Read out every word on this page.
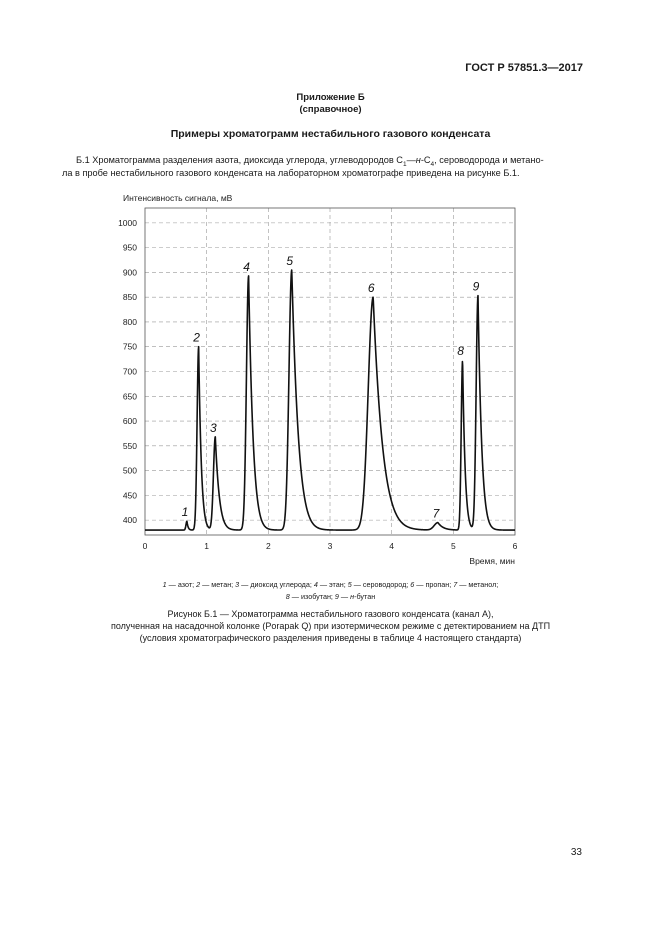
ГОСТ Р 57851.3—2017
Приложение Б
(справочное)
Примеры хроматограмм нестабильного газового конденсата
Б.1 Хроматограмма разделения азота, диоксида углерода, углеводородов $C_1—н-C_4$, сероводорода и метано-
ла в пробе нестабильного газового конденсата на лабораторном хроматографе приведена на рисунке Б.1.
400
450
500
550
600
650
700
750
800
850
900
950
1000
0	1	2	3	4	5	6
1
2
3
4	5
6
7
8
9
Интенсивность сигнала, мВ
Время, мин
1 — азот; 2 — метан; 3 — диоксид углерода; 4 — этан; 5 — сероводород; 6 — пропан; 7 — метанол;
8 — изобутан; 9 — н-бутан
Рисунок Б.1 — Хроматограмма нестабильного газового конденсата (канал А),
полученная на насадочной колонке (Porapak Q) при изотермическом режиме с детектированием на ДТП
(условия хроматографического разделения приведены в таблице 4 настоящего стандарта)
33
